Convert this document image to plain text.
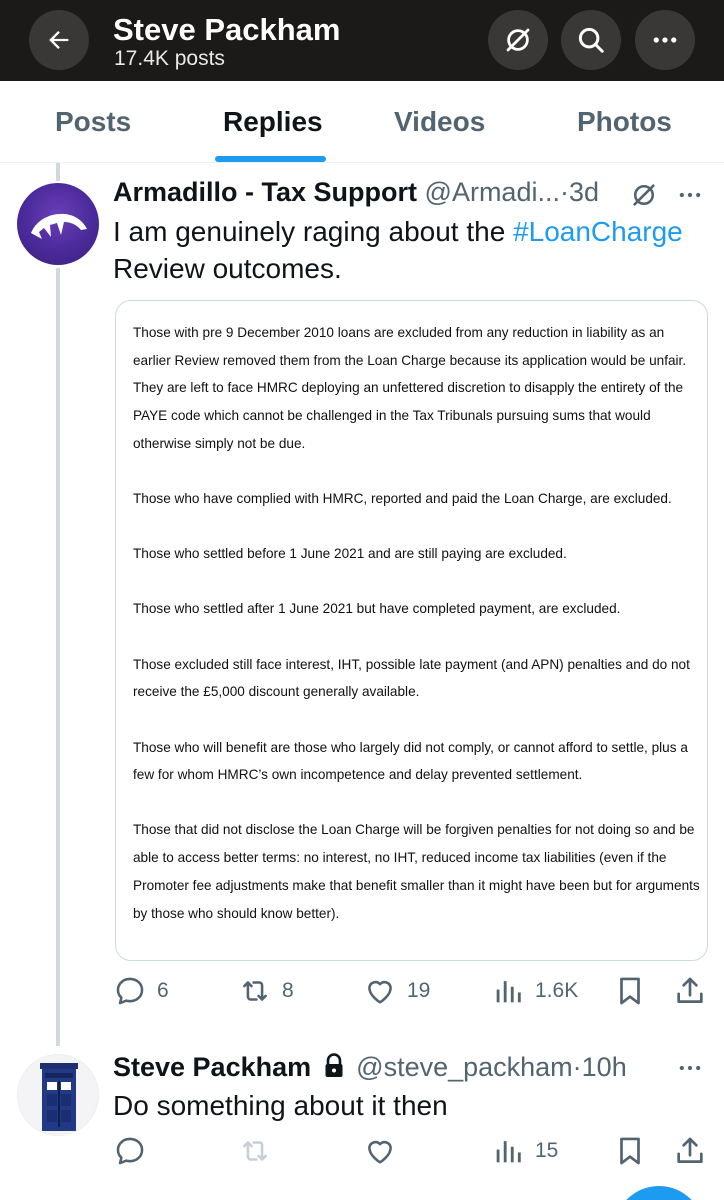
Steve Packham
17.4K posts
Posts	Replies	Videos	Photos
Armadillo - Tax Support @Armadi...·3d
I am genuinely raging about the #LoanCharge
Review outcomes.

Those with pre 9 December 2010 loans are excluded from any reduction in liability as an earlier Review removed them from the Loan Charge because its application would be unfair. They are left to face HMRC deploying an unfettered discretion to disapply the entirety of the PAYE code which cannot be challenged in the Tax Tribunals pursuing sums that would otherwise simply not be due.

Those who have complied with HMRC, reported and paid the Loan Charge, are excluded.

Those who settled before 1 June 2021 and are still paying are excluded.

Those who settled after 1 June 2021 but have completed payment, are excluded.

Those excluded still face interest, IHT, possible late payment (and APN) penalties and do not receive the £5,000 discount generally available.

Those who will benefit are those who largely did not comply, or cannot afford to settle, plus a few for whom HMRC’s own incompetence and delay prevented settlement.

Those that did not disclose the Loan Charge will be forgiven penalties for not doing so and be able to access better terms: no interest, no IHT, reduced income tax liabilities (even if the Promoter fee adjustments make that benefit smaller than it might have been but for arguments by those who should know better).

6	8	19	1.6K
Steve Packham @steve_packham·10h
Do something about it then
15
